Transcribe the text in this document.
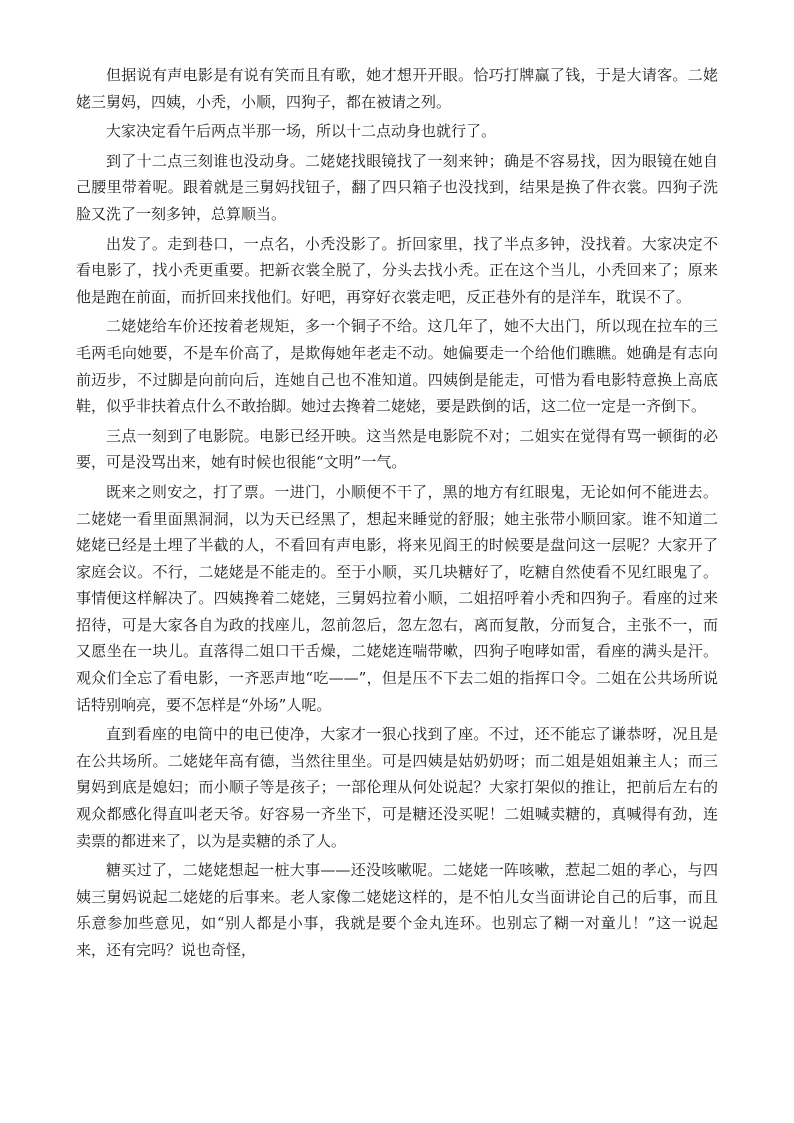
但据说有声电影是有说有笑而且有歌，她才想开开眼。恰巧打牌赢了钱，于是大请客。二姥姥三舅妈，四姨，小秃，小顺，四狗子，都在被请之列。

大家决定看午后两点半那一场，所以十二点动身也就行了。

到了十二点三刻谁也没动身。二姥姥找眼镜找了一刻来钟；确是不容易找，因为眼镜在她自己腰里带着呢。跟着就是三舅妈找钮子，翻了四只箱子也没找到，结果是换了件衣裳。四狗子洗脸又洗了一刻多钟，总算顺当。

出发了。走到巷口，一点名，小秃没影了。折回家里，找了半点多钟，没找着。大家决定不看电影了，找小秃更重要。把新衣裳全脱了，分头去找小秃。正在这个当儿，小秃回来了；原来他是跑在前面，而折回来找他们。好吧，再穿好衣裳走吧，反正巷外有的是洋车，耽误不了。

二姥姥给车价还按着老规矩，多一个铜子不给。这几年了，她不大出门，所以现在拉车的三毛两毛向她要，不是车价高了，是欺侮她年老走不动。她偏要走一个给他们瞧瞧。她确是有志向前迈步，不过脚是向前向后，连她自己也不准知道。四姨倒是能走，可惜为看电影特意换上高底鞋，似乎非扶着点什么不敢抬脚。她过去搀着二姥姥，要是跌倒的话，这二位一定是一齐倒下。

三点一刻到了电影院。电影已经开映。这当然是电影院不对；二姐实在觉得有骂一顿街的必要，可是没骂出来，她有时候也很能“文明”一气。

既来之则安之，打了票。一进门，小顺便不干了，黑的地方有红眼鬼，无论如何不能进去。二姥姥一看里面黑洞洞，以为天已经黑了，想起来睡觉的舒服；她主张带小顺回家。谁不知道二姥姥已经是土埋了半截的人，不看回有声电影，将来见阎王的时候要是盘问这一层呢？大家开了家庭会议。不行，二姥姥是不能走的。至于小顺，买几块糖好了，吃糖自然使看不见红眼鬼了。事情便这样解决了。四姨搀着二姥姥，三舅妈拉着小顺，二姐招呼着小秃和四狗子。看座的过来招待，可是大家各自为政的找座儿，忽前忽后，忽左忽右，离而复散，分而复合，主张不一，而又愿坐在一块儿。直落得二姐口干舌燥，二姥姥连喘带嗽，四狗子咆哮如雷，看座的满头是汗。观众们全忘了看电影，一齐恶声地“吃——”，但是压不下去二姐的指挥口令。二姐在公共场所说话特别响亮，要不怎样是“外场”人呢。

直到看座的电筒中的电已使净，大家才一狠心找到了座。不过，还不能忘了谦恭呀，况且是在公共场所。二姥姥年高有德，当然往里坐。可是四姨是姑奶奶呀；而二姐是姐姐兼主人；而三舅妈到底是媳妇；而小顺子等是孩子；一部伦理从何处说起？大家打架似的推让，把前后左右的观众都感化得直叫老天爷。好容易一齐坐下，可是糖还没买呢！二姐喊卖糖的，真喊得有劲，连卖票的都进来了，以为是卖糖的杀了人。

糖买过了，二姥姥想起一桩大事——还没咳嗽呢。二姥姥一阵咳嗽，惹起二姐的孝心，与四姨三舅妈说起二姥姥的后事来。老人家像二姥姥这样的，是不怕儿女当面讲论自己的后事，而且乐意参加些意见，如“别人都是小事，我就是要个金丸连环。也别忘了糊一对童儿！”这一说起来，还有完吗？说也奇怪，
